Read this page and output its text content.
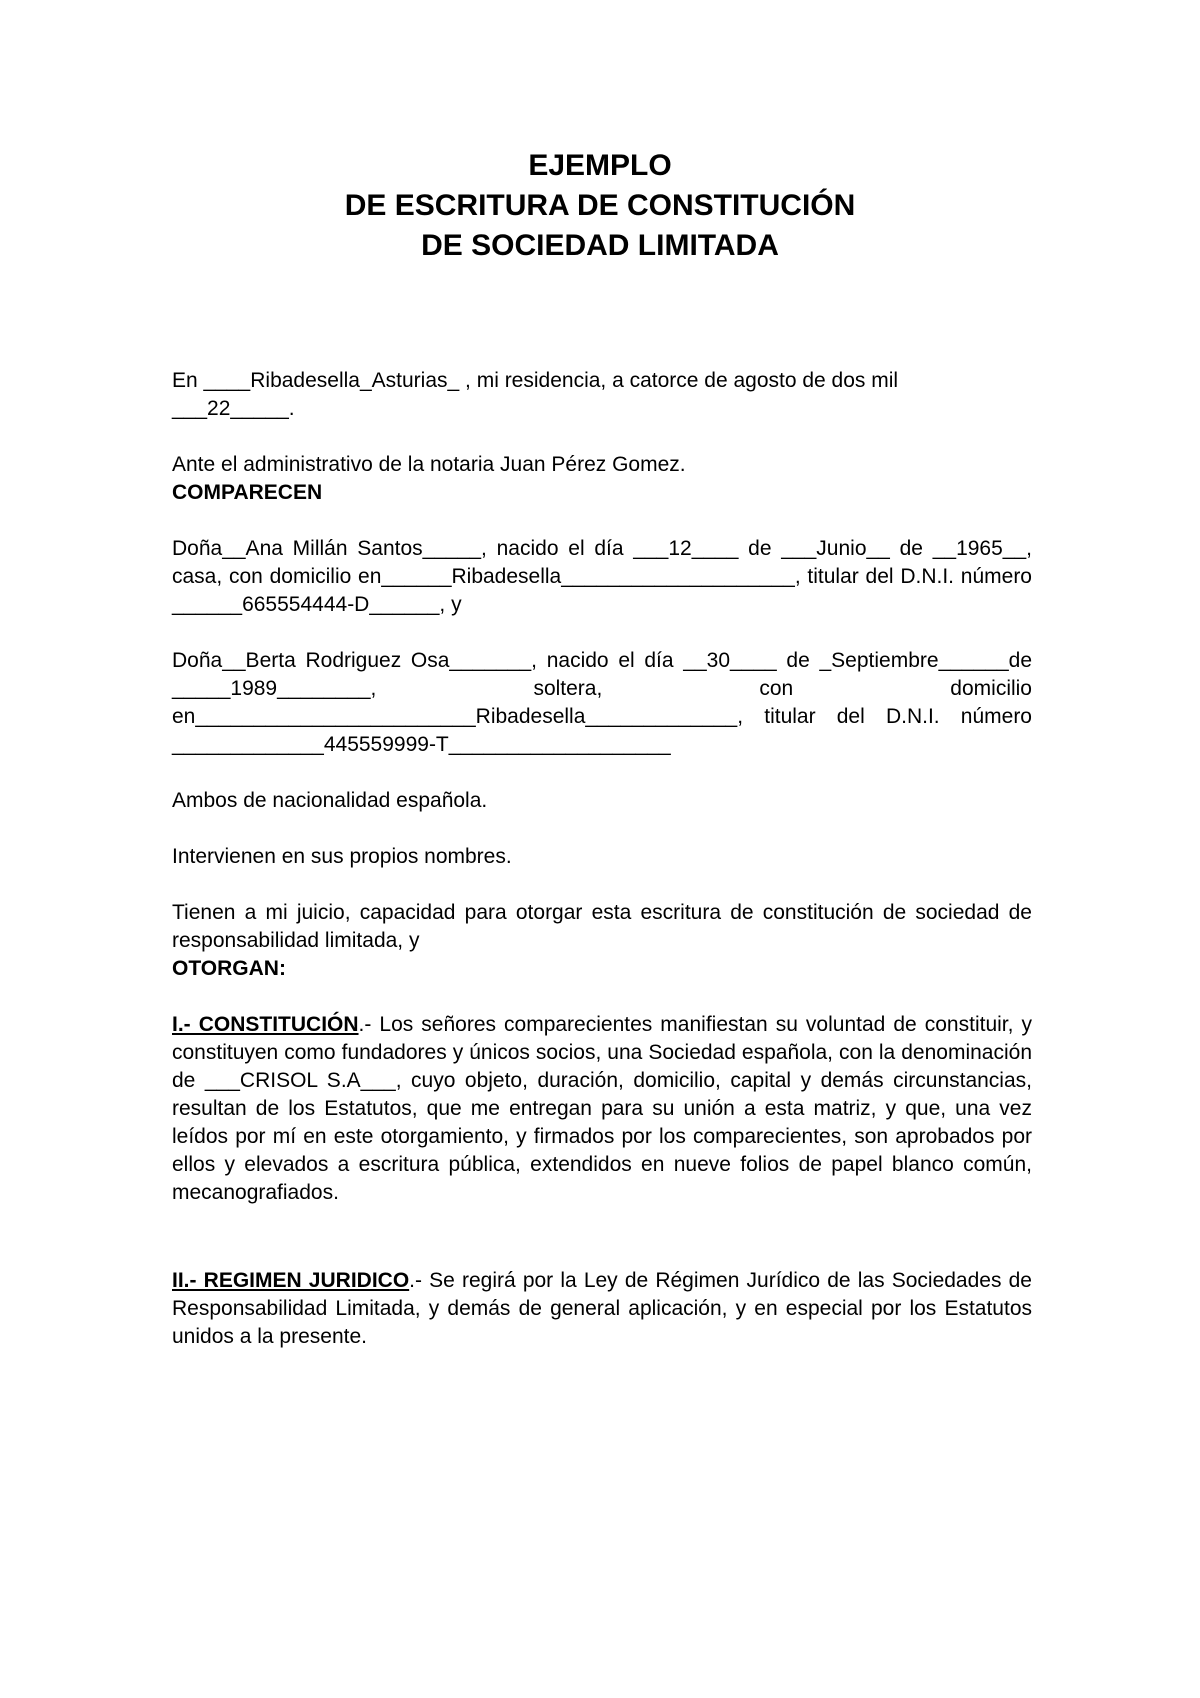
EJEMPLO
DE ESCRITURA DE CONSTITUCIÓN
DE SOCIEDAD LIMITADA

En ____Ribadesella_Asturias_ , mi residencia, a catorce de agosto de dos mil

___22_____.

Ante el administrativo de la notaria Juan Pérez Gomez.

COMPARECEN

Doña__Ana Millán Santos_____, nacido el día ___12____ de ___Junio__ de __1965__, casa, con domicilio en______Ribadesella____________________, titular del D.N.I. número ______665554444-D______, y

Doña__Berta Rodriguez Osa_______, nacido el día __30____ de _Septiembre______de _____1989________, soltera, con domicilio en________________________Ribadesella_____________, titular del D.N.I. número _____________445559999-T___________________

Ambos de nacionalidad española.

Intervienen en sus propios nombres.

Tienen a mi juicio, capacidad para otorgar esta escritura de constitución de sociedad de responsabilidad limitada, y

OTORGAN:

I.- CONSTITUCIÓN.- Los señores comparecientes manifiestan su voluntad de constituir, y constituyen como fundadores y únicos socios, una Sociedad española, con la denominación de ___CRISOL S.A___, cuyo objeto, duración, domicilio, capital y demás circunstancias, resultan de los Estatutos, que me entregan para su unión a esta matriz, y que, una vez leídos por mí en este otorgamiento, y firmados por los comparecientes, son aprobados por ellos y elevados a escritura pública, extendidos en nueve folios de papel blanco común, mecanografiados.

II.- REGIMEN JURIDICO.- Se regirá por la Ley de Régimen Jurídico de las Sociedades de Responsabilidad Limitada, y demás de general aplicación, y en especial por los Estatutos unidos a la presente.
